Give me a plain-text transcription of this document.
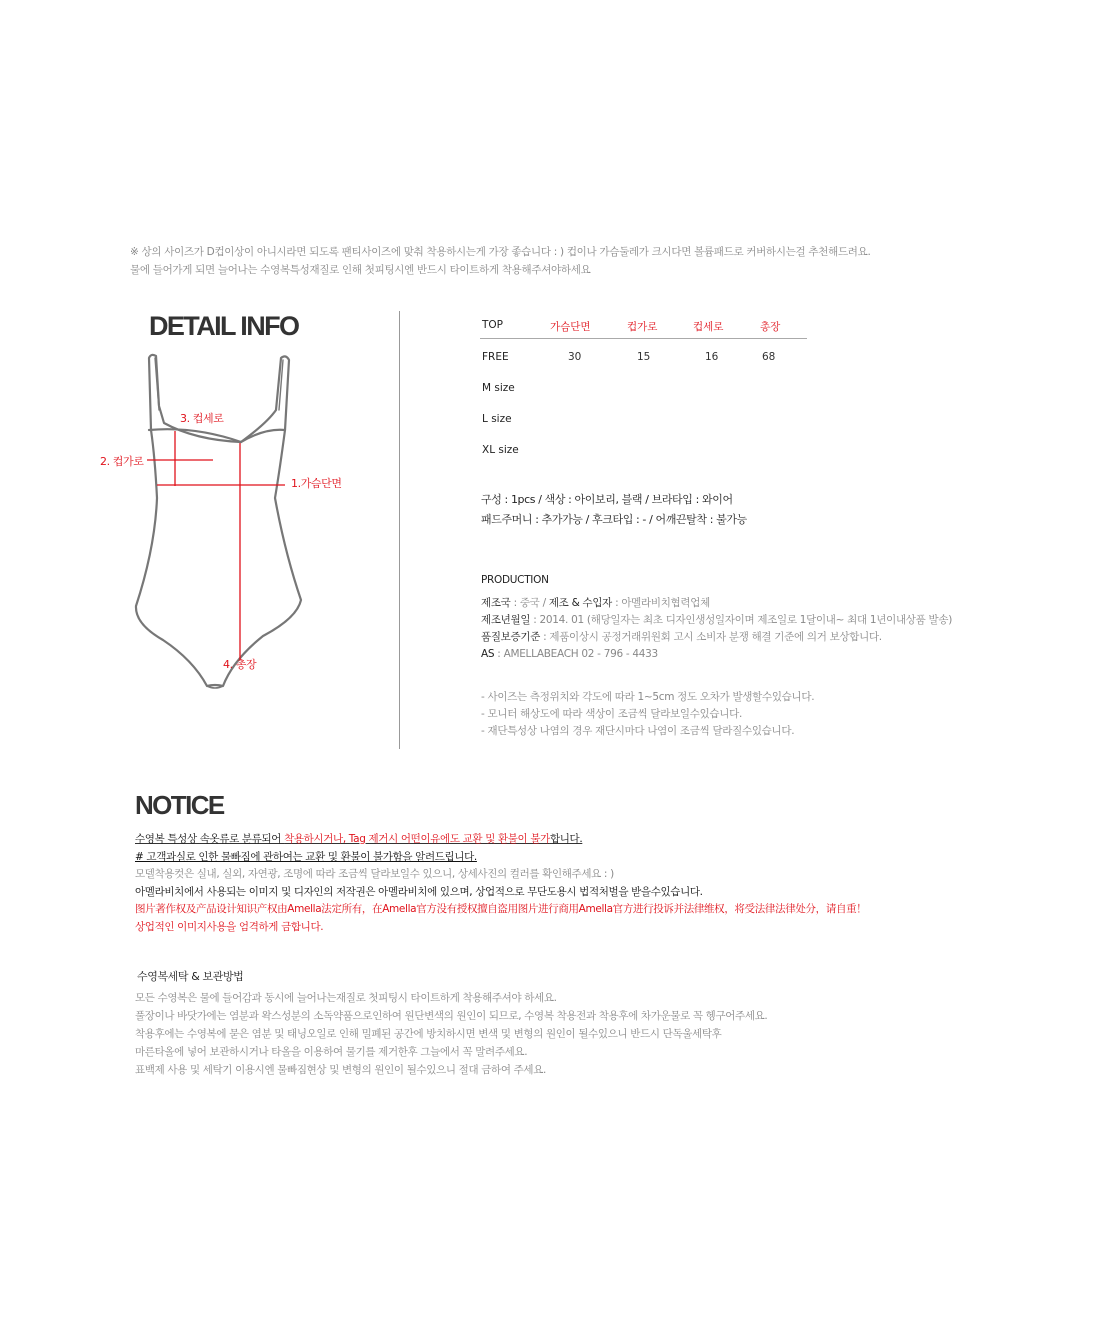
※ 상의 사이즈가 D컵이상이 아니시라면 되도록 팬티사이즈에 맞춰 착용하시는게 가장 좋습니다 : ) 컵이나 가슴둘레가 크시다면 볼륨패드로 커버하시는걸 추천해드려요.
물에 들어가게 되면 늘어나는 수영복특성재질로 인해 첫피팅시엔 반드시 타이트하게 착용해주셔야하세요
DETAIL INFO
3. 컵세로
2. 컵가로
1.가슴단면
4. 총장
TOP	가슴단면	컵가로	컵세로	총장
FREE	30	15	16	68
M size
L size
XL size
구성 : 1pcs / 색상 : 아이보리, 블랙 / 브라타입 : 와이어
패드주머니 : 추가가능 / 후크타입 : - / 어깨끈탈착 : 불가능
PRODUCTION
제조국 : 중국 / 제조 & 수입자 : 아멜라비치협력업체
제조년월일 : 2014. 01 (해당일자는 최초 디자인생성일자이며 제조일로 1달이내~ 최대 1년이내상품 발송)
품질보증기준 : 제품이상시 공정거래위원회 고시 소비자 분쟁 해결 기준에 의거 보상합니다.
AS : AMELLABEACH 02 - 796 - 4433
- 사이즈는 측정위치와 각도에 따라 1~5cm 정도 오차가 발생할수있습니다.
- 모니터 해상도에 따라 색상이 조금씩 달라보일수있습니다.
- 재단특성상 나염의 경우 재단시마다 나염이 조금씩 달라질수있습니다.
NOTICE
수영복 특성상 속옷류로 분류되어 착용하시거나, Tag 제거시 어떤이유에도 교환 및 환불이 불가합니다.
# 고객과실로 인한 물빠짐에 관하여는 교환 및 환불이 불가함을 알려드립니다.
모델착용컷은 실내, 실외, 자연광, 조명에 따라 조금씩 달라보일수 있으니, 상세사진의 컬러를 확인해주세요 : )
아멜라비치에서 사용되는 이미지 및 디자인의 저작권은 아멜라비치에 있으며, 상업적으로 무단도용시 법적처벌을 받을수있습니다.
图片著作权及产品设计知识产权由Amella法定所有，在Amella官方没有授权擅自盗用图片进行商用Amella官方进行投诉并法律维权，将受法律法律处分，请自重！
상업적인 이미지사용을 엄격하게 금합니다.
수영복세탁 & 보관방법
모든 수영복은 물에 들어감과 동시에 늘어나는재질로 첫피팅시 타이트하게 착용해주셔야 하세요.
풀장이나 바닷가에는 염분과 왁스성분의 소독약품으로인하여 원단변색의 원인이 되므로, 수영복 착용전과 착용후에 차가운물로 꼭 헹구어주세요.
착용후에는 수영복에 묻은 염분 및 태닝오일로 인해 밀폐된 공간에 방치하시면 변색 및 변형의 원인이 될수있으니 반드시 단독울세탁후
마른타올에 넣어 보관하시거나 타올을 이용하여 물기를 제거한후 그늘에서 꼭 말려주세요.
표백제 사용 및 세탁기 이용시엔 물빠짐현상 및 변형의 원인이 될수있으니 절대 금하여 주세요.
